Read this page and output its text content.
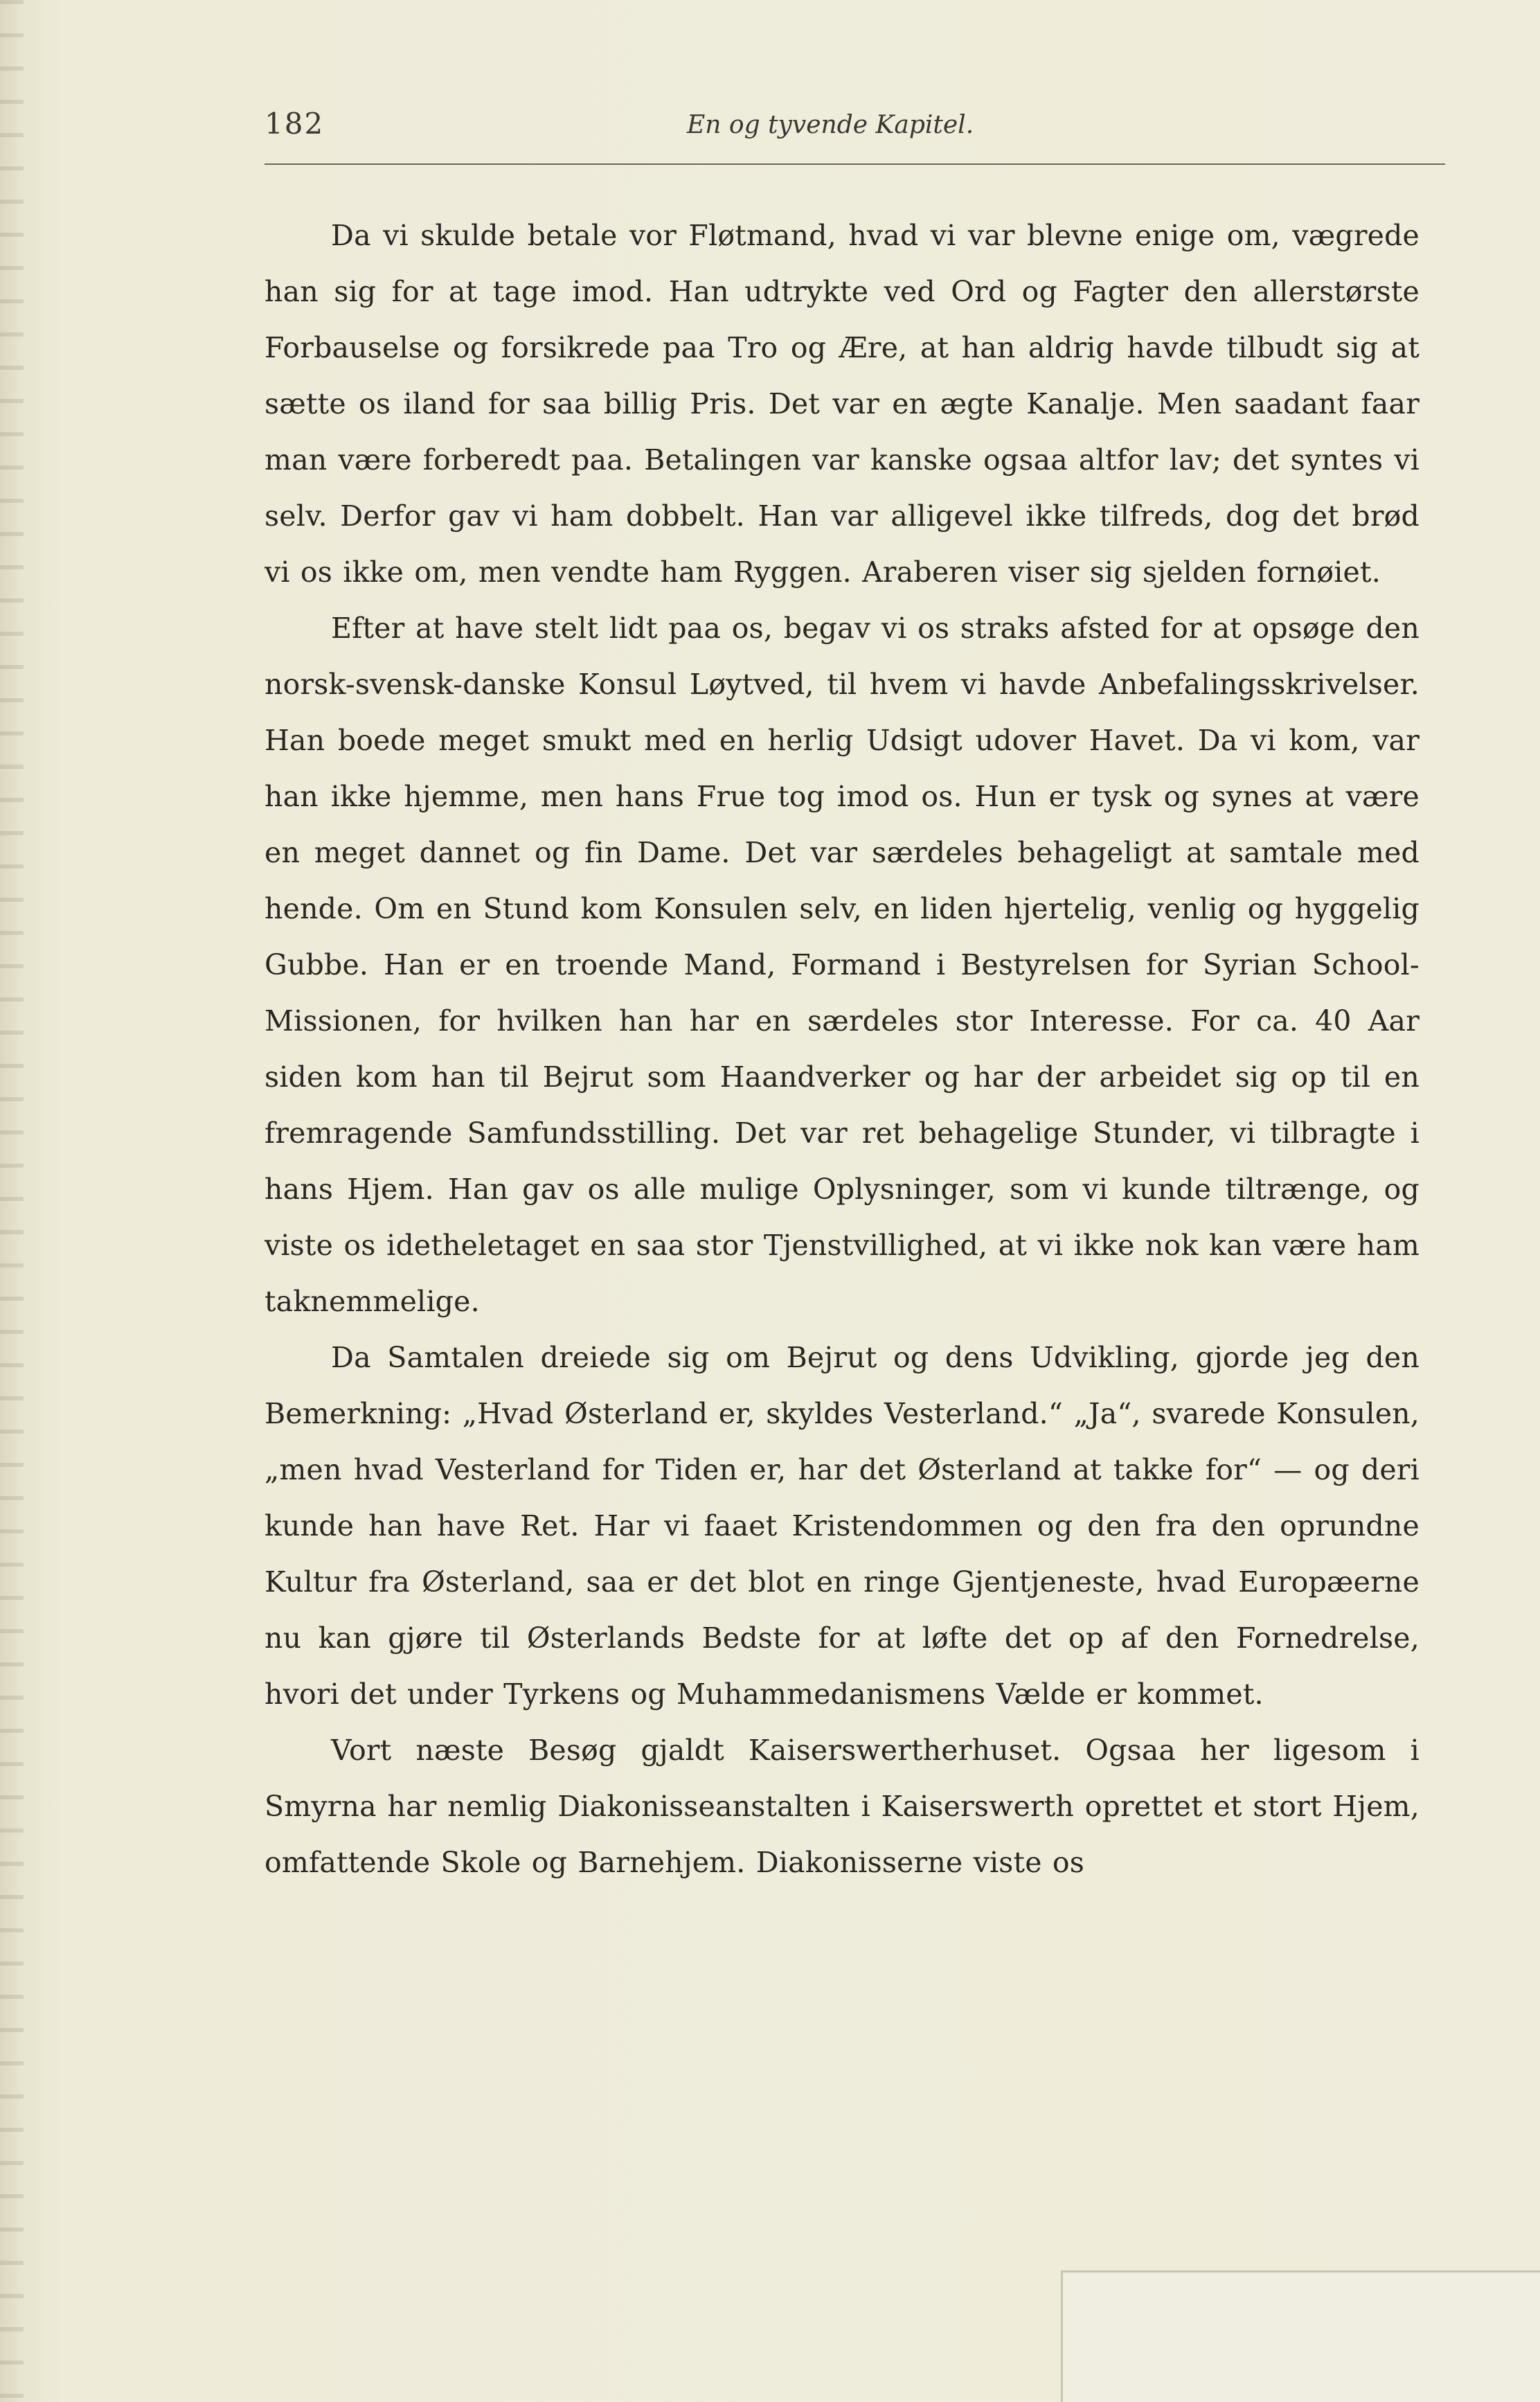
182	En og tyvende Kapitel.

Da vi skulde betale vor Fløtmand, hvad vi var blevne enige om, vægrede han sig for at tage imod. Han udtrykte ved Ord og Fagter den allerstørste Forbauselse og forsikrede paa Tro og Ære, at han aldrig havde tilbudt sig at sætte os iland for saa billig Pris. Det var en ægte Kanalje. Men saadant faar man være forberedt paa. Betalingen var kanske ogsaa altfor lav; det syntes vi selv. Derfor gav vi ham dobbelt. Han var alligevel ikke tilfreds, dog det brød vi os ikke om, men vendte ham Ryggen. Araberen viser sig sjelden fornøiet.

Efter at have stelt lidt paa os, begav vi os straks afsted for at opsøge den norsk-svensk-danske Konsul Løytved, til hvem vi havde Anbefalingsskrivelser. Han boede meget smukt med en herlig Udsigt udover Havet. Da vi kom, var han ikke hjemme, men hans Frue tog imod os. Hun er tysk og synes at være en meget dannet og fin Dame. Det var særdeles behageligt at samtale med hende. Om en Stund kom Konsulen selv, en liden hjertelig, venlig og hyggelig Gubbe. Han er en troende Mand, Formand i Bestyrelsen for Syrian School-Missionen, for hvilken han har en særdeles stor Interesse. For ca. 40 Aar siden kom han til Bejrut som Haandverker og har der arbeidet sig op til en fremragende Samfundsstilling. Det var ret behagelige Stunder, vi tilbragte i hans Hjem. Han gav os alle mulige Oplysninger, som vi kunde tiltrænge, og viste os idetheletaget en saa stor Tjenstvillighed, at vi ikke nok kan være ham taknemmelige.

Da Samtalen dreiede sig om Bejrut og dens Udvikling, gjorde jeg den Bemerkning: „Hvad Østerland er, skyldes Vesterland.“ „Ja“, svarede Konsulen, „men hvad Vesterland for Tiden er, har det Østerland at takke for“ — og deri kunde han have Ret. Har vi faaet Kristendommen og den fra den oprundne Kultur fra Østerland, saa er det blot en ringe Gjentjeneste, hvad Europæerne nu kan gjøre til Østerlands Bedste for at løfte det op af den Fornedrelse, hvori det under Tyrkens og Muhammedanismens Vælde er kommet.

Vort næste Besøg gjaldt Kaiserswertherhuset. Ogsaa her ligesom i Smyrna har nemlig Diakonisseanstalten i Kaiserswerth oprettet et stort Hjem, omfattende Skole og Barnehjem. Diakonisserne viste os
